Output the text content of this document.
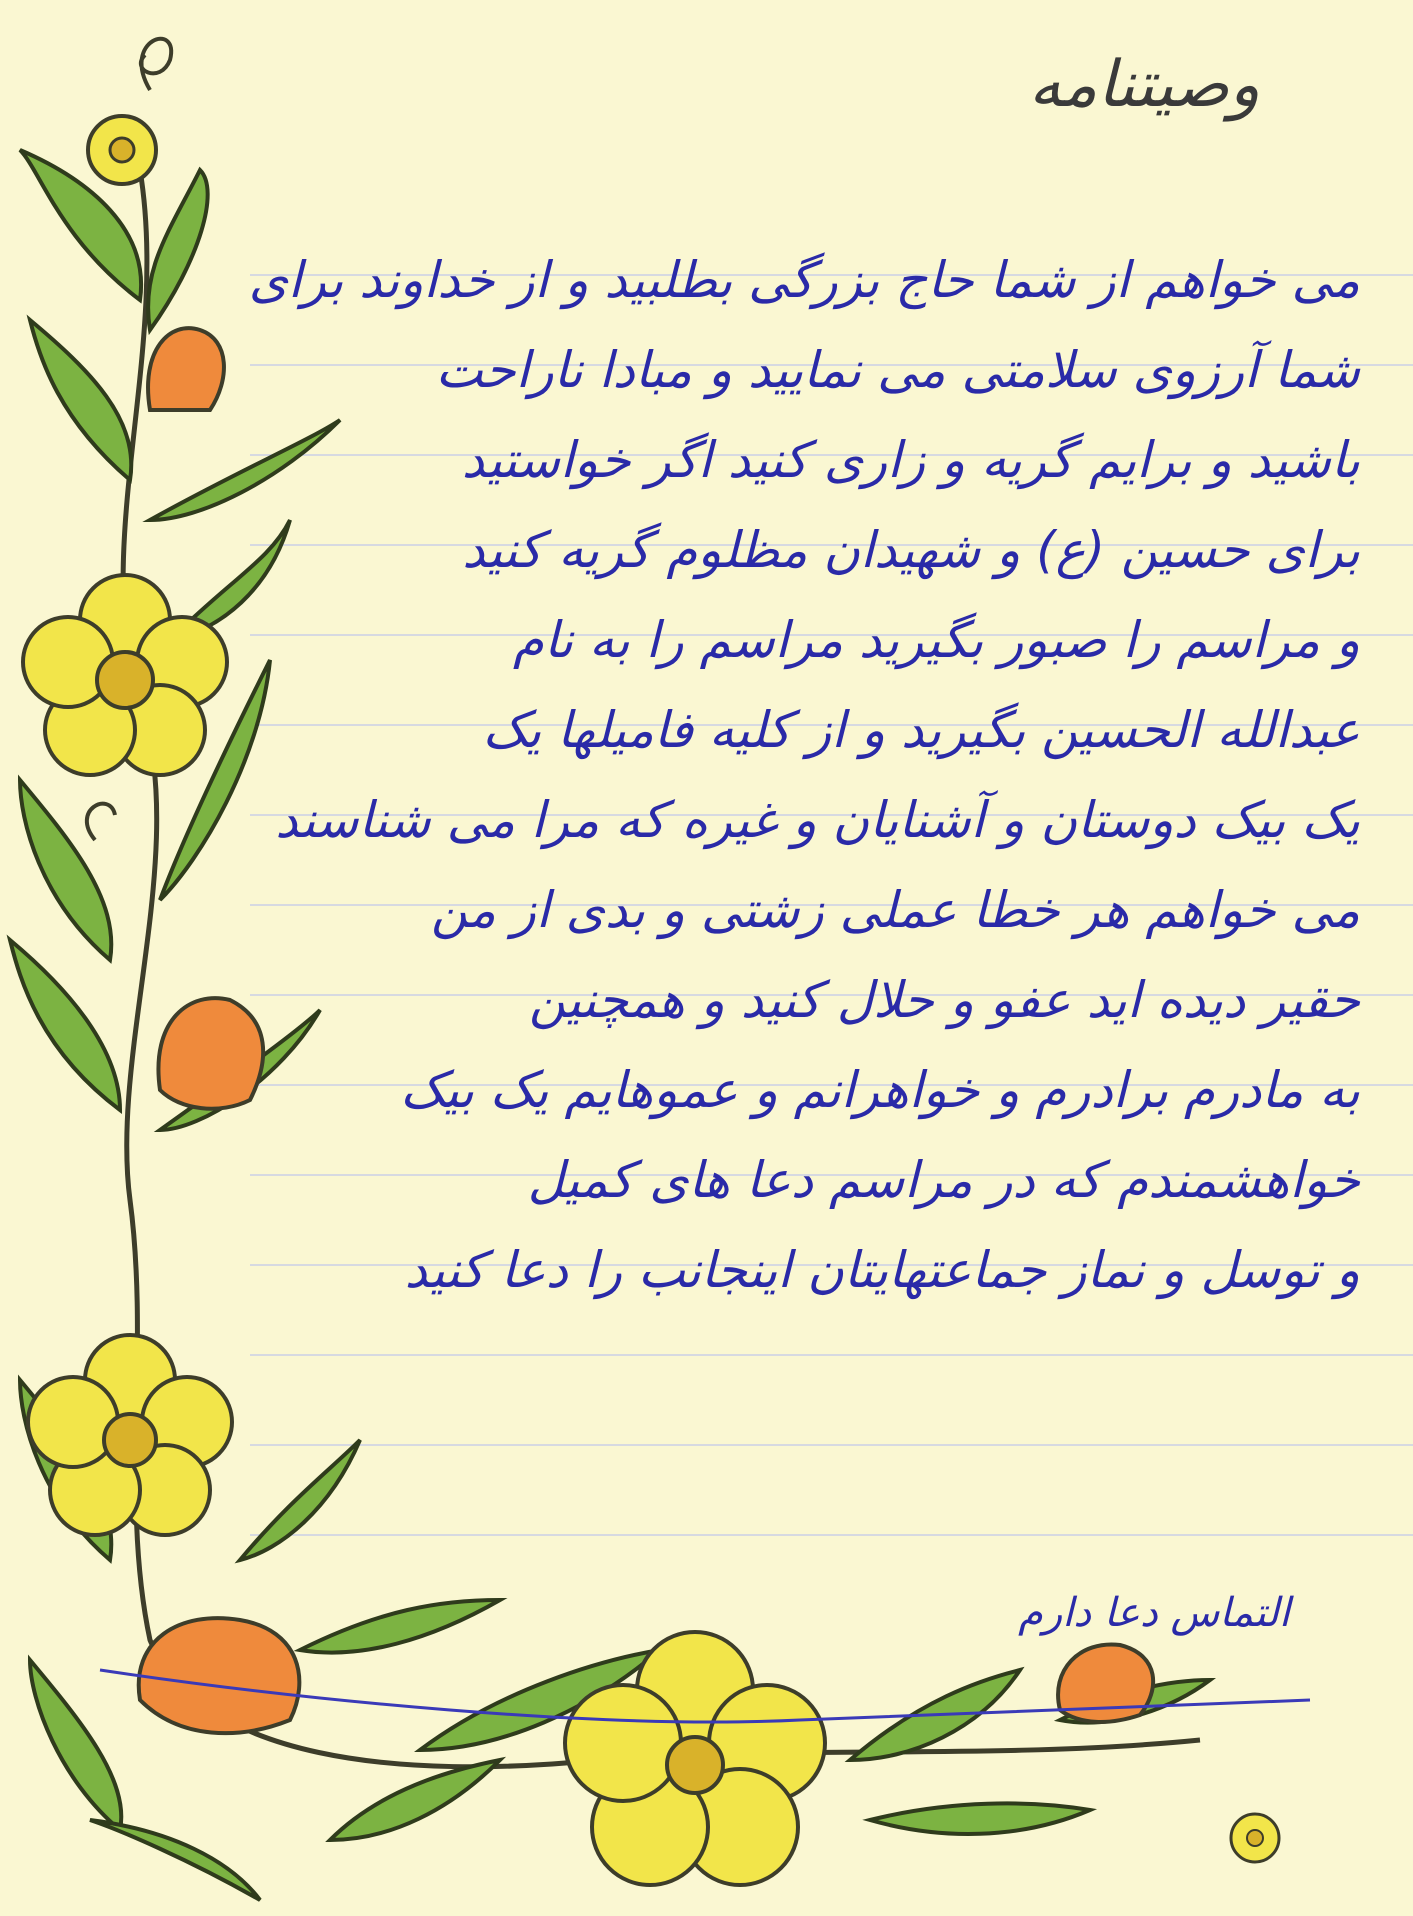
وصیتنامه
می خواهم از شما حاج بزرگی بطلبید و از خداوند برای
شما آرزوی سلامتی می نمایید و مبادا ناراحت
باشید و برایم گریه و زاری کنید اگر خواستید
برای حسین (ع) و شهیدان مظلوم گریه کنید
و مراسم را صبور بگیرید مراسم را به نام
عبدالله الحسین بگیرید و از کلیه فامیلها یک
یک بیک دوستان و آشنایان و غیره که مرا می شناسند
می خواهم هر خطا عملی زشتی و بدی از من
حقیر دیده اید عفو و حلال کنید و همچنین
به مادرم برادرم و خواهرانم و عموهایم یک بیک
خواهشمندم که در مراسم دعا های کمیل
و توسل و نماز جماعتهایتان اینجانب را دعا کنید
التماس دعا دارم
